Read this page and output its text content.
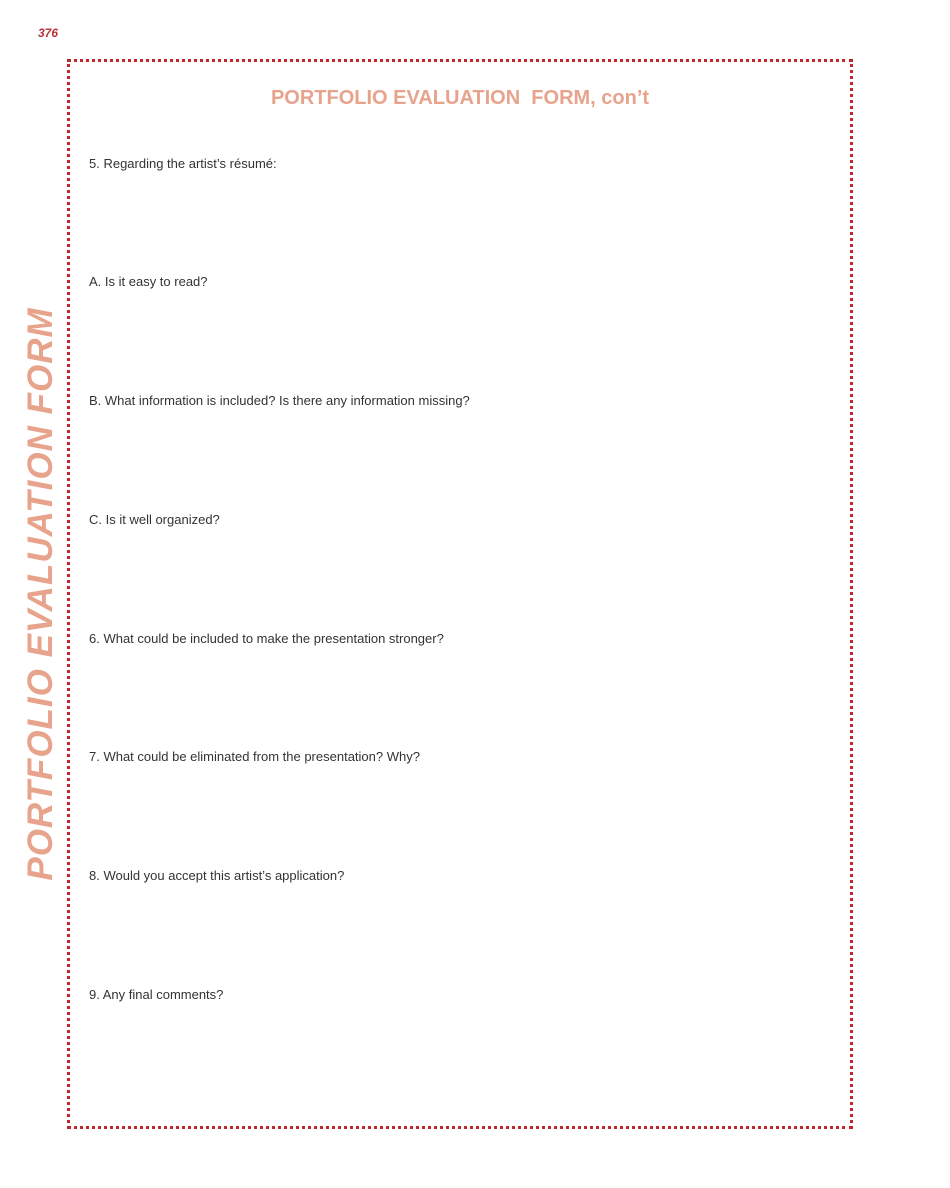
376
PORTFOLIO EVALUATION FORM
PORTFOLIO EVALUATION  FORM, con’t
5. Regarding the artist’s résumé:
A. Is it easy to read?
B. What information is included? Is there any information missing?
C. Is it well organized?
6. What could be included to make the presentation stronger?
7. What could be eliminated from the presentation? Why?
8. Would you accept this artist’s application?
9. Any final comments?
